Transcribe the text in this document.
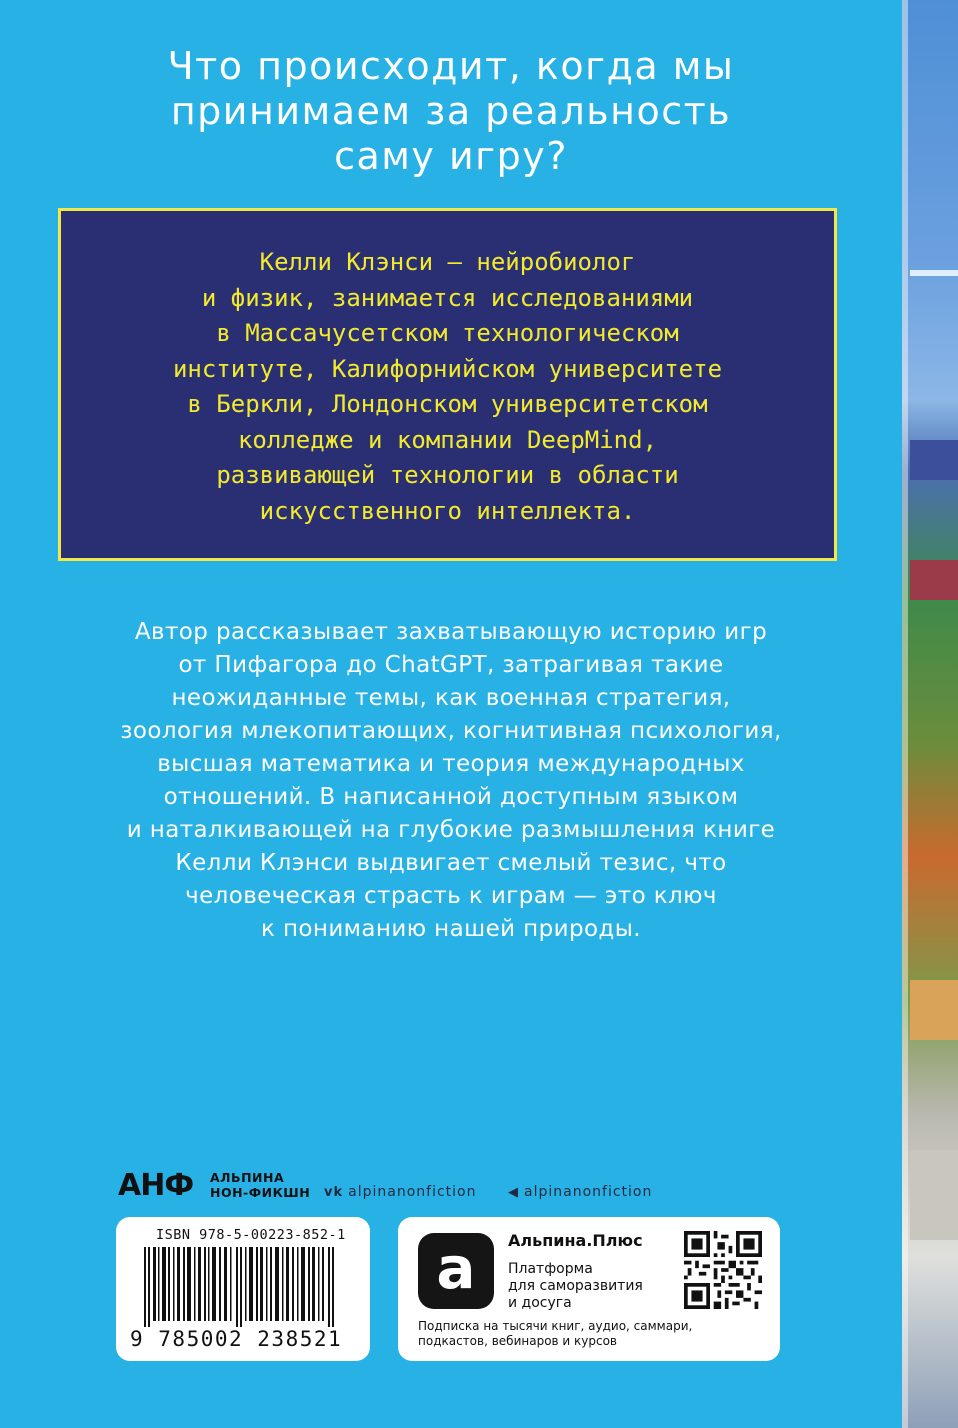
Что происходит, когда мы
принимаем за реальность
саму игру?
Келли Клэнси — нейробиолог
и физик, занимается исследованиями
в Массачусетском технологическом
институте, Калифорнийском университете
в Беркли, Лондонском университетском
колледже и компании DeepMind,
развивающей технологии в области
искусственного интеллекта.
Автор рассказывает захватывающую историю игр
от Пифагора до ChatGPT, затрагивая такие
неожиданные темы, как военная стратегия,
зоология млекопитающих, когнитивная психология,
высшая математика и теория международных
отношений. В написанной доступным языком
и наталкивающей на глубокие размышления книге
Келли Клэнси выдвигает смелый тезис, что
человеческая страсть к играм — это ключ
к пониманию нашей природы.
АНФ	АЛЬПИНА
НОН-ФИКШН	vk alpinanonfiction ◀ alpinanonfiction
ISBN 978-5-00223-852-1
9 785002 238521
a	Альпина.Плюс
Платформа
для саморазвития
и досуга
Подписка на тысячи книг, аудио, саммари,
подкастов, вебинаров и курсов
